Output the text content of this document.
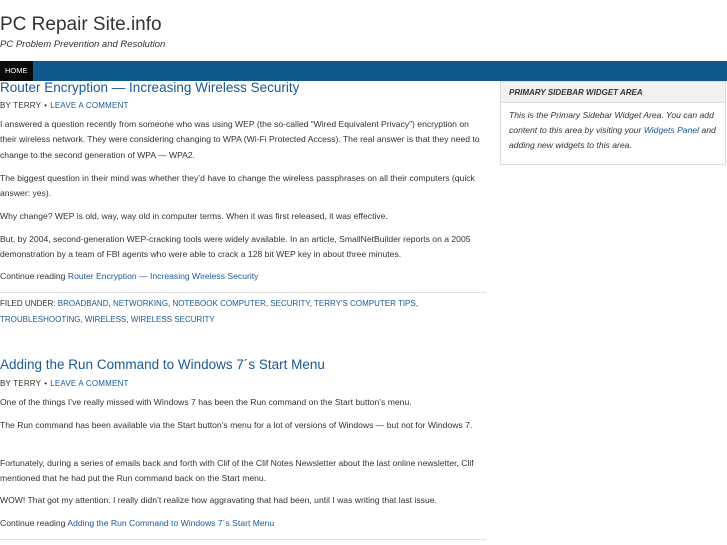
PC Repair Site.info
PC Problem Prevention and Resolution
HOME
Router Encryption — Increasing Wireless Security
BY TERRY • LEAVE A COMMENT
I answered a question recently from someone who was using WEP (the so-called “Wired Equivalent Privacy”) encryption on their wireless network. They were considering changing to WPA (Wi-Fi Protected Access). The real answer is that they need to change to the second generation of WPA — WPA2.
The biggest question in their mind was whether they’d have to change the wireless passphrases on all their computers (quick answer: yes).
Why change? WEP is old, way, way old in computer terms. When it was first released, it was effective.
But, by 2004, second-generation WEP-cracking tools were widely available. In an article, SmallNetBuilder reports on a 2005 demonstration by a team of FBI agents who were able to crack a 128 bit WEP key in about three minutes.
Continue reading Router Encryption — Increasing Wireless Security
FILED UNDER: BROADBAND, NETWORKING, NOTEBOOK COMPUTER, SECURITY, TERRY'S COMPUTER TIPS, TROUBLESHOOTING, WIRELESS, WIRELESS SECURITY
Adding the Run Command to Windows 7´s Start Menu
BY TERRY • LEAVE A COMMENT
One of the things I’ve really missed with Windows 7 has been the Run command on the Start button’s menu.
The Run command has been available via the Start button’s menu for a lot of versions of Windows — but not for Windows 7.
Fortunately, during a series of emails back and forth with Clif of the Clif Notes Newsletter about the last online newsletter, Clif mentioned that he had put the Run command back on the Start menu.
WOW! That got my attention. I really didn’t realize how aggravating that had been, until I was writing that last issue.
Continue reading Adding the Run Command to Windows 7´s Start Menu
PRIMARY SIDEBAR WIDGET AREA
This is the Primary Sidebar Widget Area. You can add content to this area by visiting your Widgets Panel and adding new widgets to this area.
